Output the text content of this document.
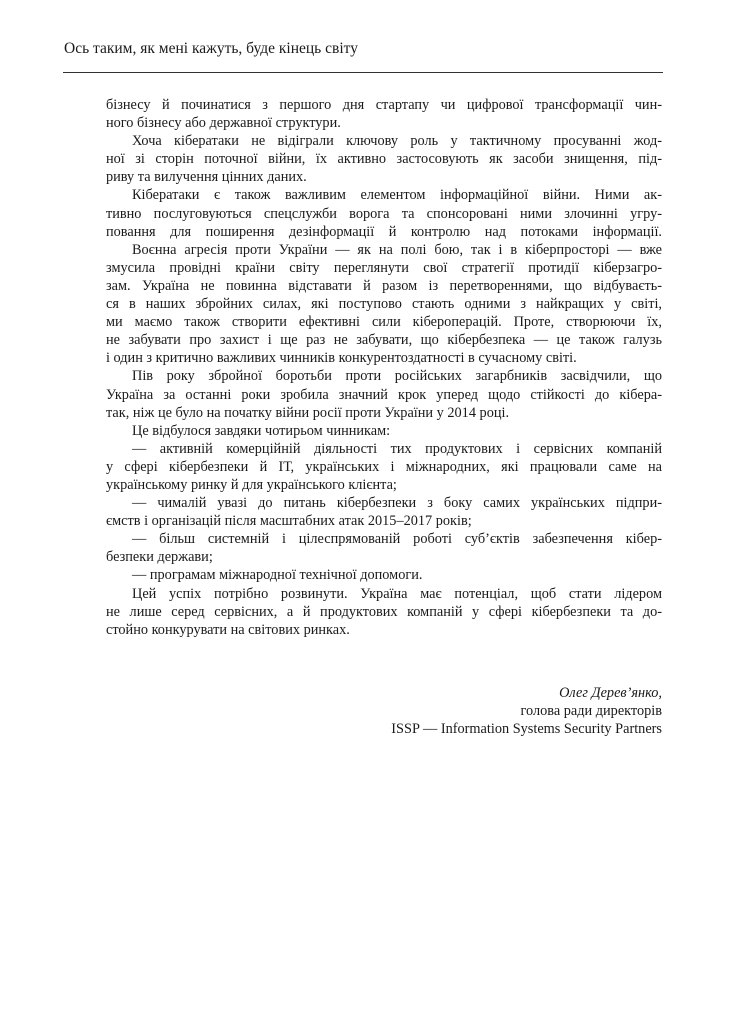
Ось таким, як мені кажуть, буде кінець світу
бізнесу й починатися з першого дня стартапу чи цифрової трансформації чин-
ного бізнесу або державної структури.
Хоча кібератаки не відіграли ключову роль у тактичному просуванні жод-
ної зі сторін поточної війни, їх активно застосовують як засоби знищення, під-
риву та вилучення цінних даних.
Кібератаки є також важливим елементом інформаційної війни. Ними ак-
тивно послуговуються спецслужби ворога та спонсоровані ними злочинні угру-
повання для поширення дезінформації й контролю над потоками інформації.
Воєнна агресія проти України — як на полі бою, так і в кіберпросторі — вже
змусила провідні країни світу переглянути свої стратегії протидії кіберзагро-
зам. Україна не повинна відставати й разом із перетвореннями, що відбуваєть-
ся в наших збройних силах, які поступово стають одними з найкращих у світі,
ми маємо також створити ефективні сили кібероперацій. Проте, створюючи їх,
не забувати про захист і ще раз не забувати, що кібербезпека — це також галузь
і один з критично важливих чинників конкурентоздатності в сучасному світі.
Пів року збройної боротьби проти російських загарбників засвідчили, що
Україна за останні роки зробила значний крок уперед щодо стійкості до кібера-
так, ніж це було на початку війни росії проти України у 2014 році.
Це відбулося завдяки чотирьом чинникам:
— активній комерційній діяльності тих продуктових і сервісних компаній
у сфері кібербезпеки й ІТ, українських і міжнародних, які працювали саме на
українському ринку й для українського клієнта;
— чималій увазі до питань кібербезпеки з боку самих українських підпри-
ємств і організацій після масштабних атак 2015–2017 років;
— більш системній і цілеспрямованій роботі суб’єктів забезпечення кібер-
безпеки держави;
— програмам міжнародної технічної допомоги.
Цей успіх потрібно розвинути. Україна має потенціал, щоб стати лідером
не лише серед сервісних, а й продуктових компаній у сфері кібербезпеки та до-
стойно конкурувати на світових ринках.
Олег Дерев’янко,
голова ради директорів
ISSP — Information Systems Security Partners
